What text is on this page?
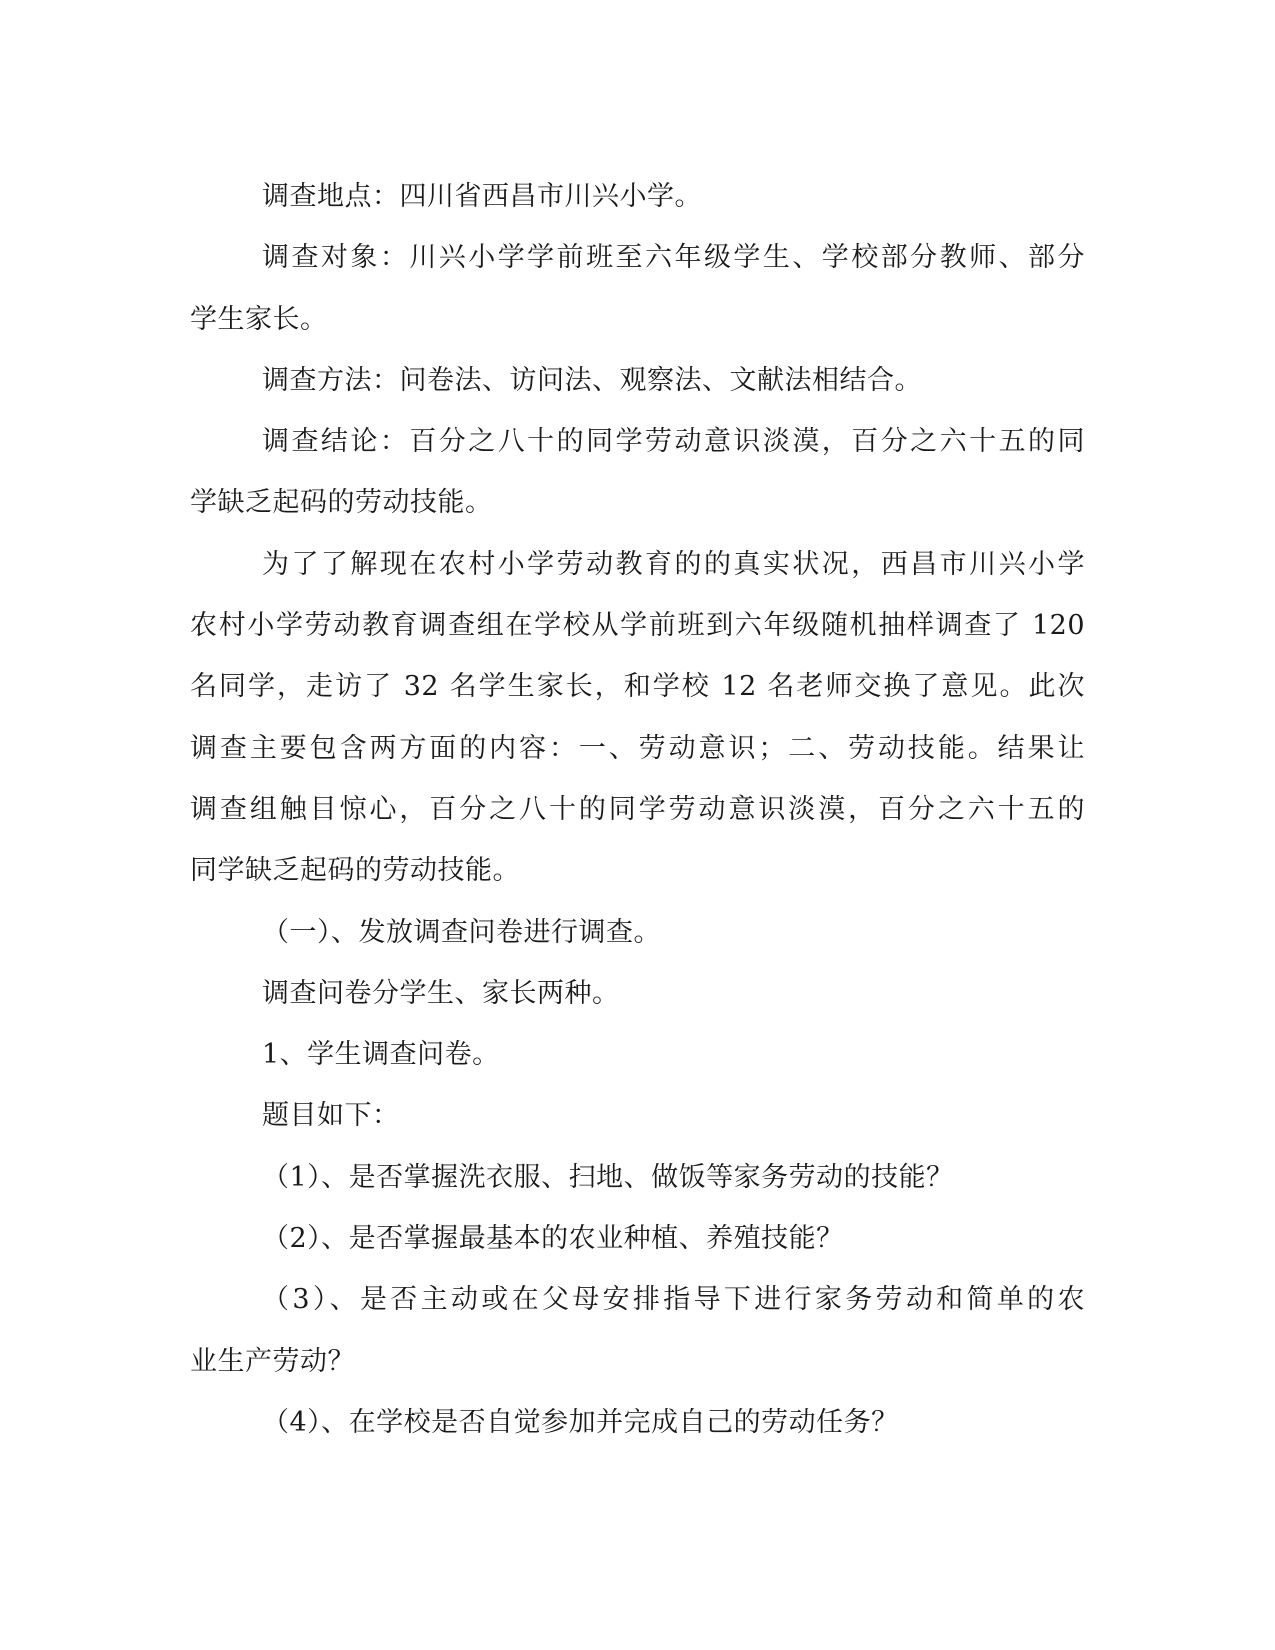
调查地点：四川省西昌市川兴小学。
调查对象：川兴小学学前班至六年级学生、学校部分教师、部分
学生家长。
调查方法：问卷法、访问法、观察法、文献法相结合。
调查结论：百分之八十的同学劳动意识淡漠，百分之六十五的同
学缺乏起码的劳动技能。
为了了解现在农村小学劳动教育的的真实状况，西昌市川兴小学
农村小学劳动教育调查组在学校从学前班到六年级随机抽样调查了 120
名同学，走访了 32 名学生家长，和学校 12 名老师交换了意见。此次
调查主要包含两方面的内容：一、劳动意识；二、劳动技能。结果让
调查组触目惊心，百分之八十的同学劳动意识淡漠，百分之六十五的
同学缺乏起码的劳动技能。
（一）、发放调查问卷进行调查。
调查问卷分学生、家长两种。
1、学生调查问卷。
题目如下：
（1）、是否掌握洗衣服、扫地、做饭等家务劳动的技能？
（2）、是否掌握最基本的农业种植、养殖技能？
（3）、是否主动或在父母安排指导下进行家务劳动和简单的农
业生产劳动？
（4）、在学校是否自觉参加并完成自己的劳动任务？
